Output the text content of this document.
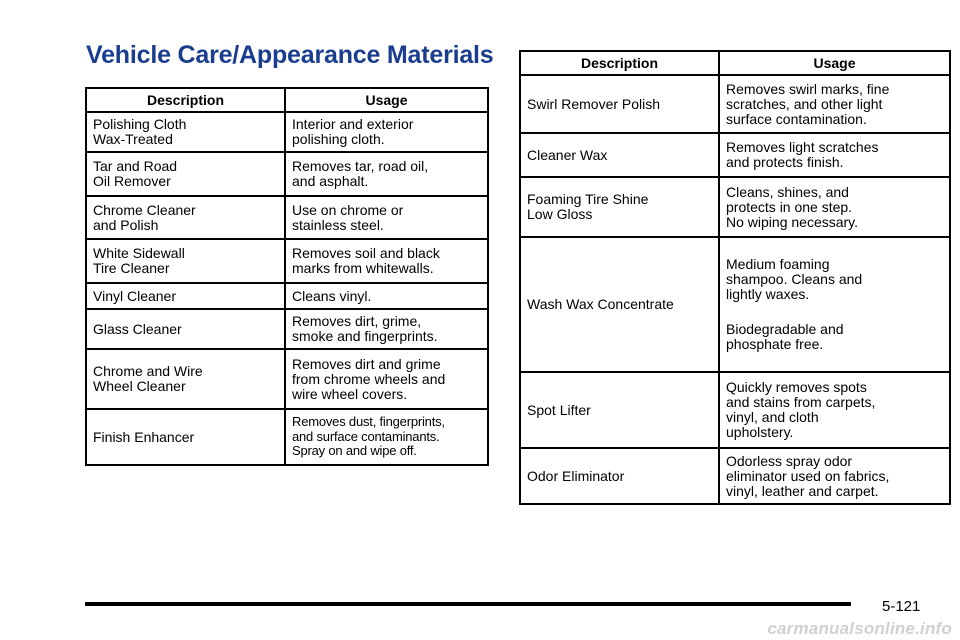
Vehicle Care/Appearance Materials
Description	Usage
Polishing Cloth
Wax-Treated	Interior and exterior
polishing cloth.

Tar and Road
Oil Remover	Removes tar, road oil,
and asphalt.

Chrome Cleaner
and Polish	Use on chrome or
stainless steel.

White Sidewall
Tire Cleaner	Removes soil and black
marks from whitewalls.

Vinyl Cleaner	Cleans vinyl.

Glass Cleaner	Removes dirt, grime,
smoke and fingerprints.

Chrome and Wire
Wheel Cleaner	Removes dirt and grime
from chrome wheels and
wire wheel covers.

Finish Enhancer	Removes dust, fingerprints,
and surface contaminants.
Spray on and wipe off.
Description	Usage
Swirl Remover Polish	Removes swirl marks, fine
scratches, and other light
surface contamination.

Cleaner Wax	Removes light scratches
and protects finish.

Foaming Tire Shine
Low Gloss	Cleans, shines, and
protects in one step.
No wiping necessary.

Wash Wax Concentrate	Medium foaming
shampoo. Cleans and
lightly waxes.

Biodegradable and
phosphate free.

Spot Lifter	Quickly removes spots
and stains from carpets,
vinyl, and cloth
upholstery.

Odor Eliminator	Odorless spray odor
eliminator used on fabrics,
vinyl, leather and carpet.
5-121
carmanualsonline.info
